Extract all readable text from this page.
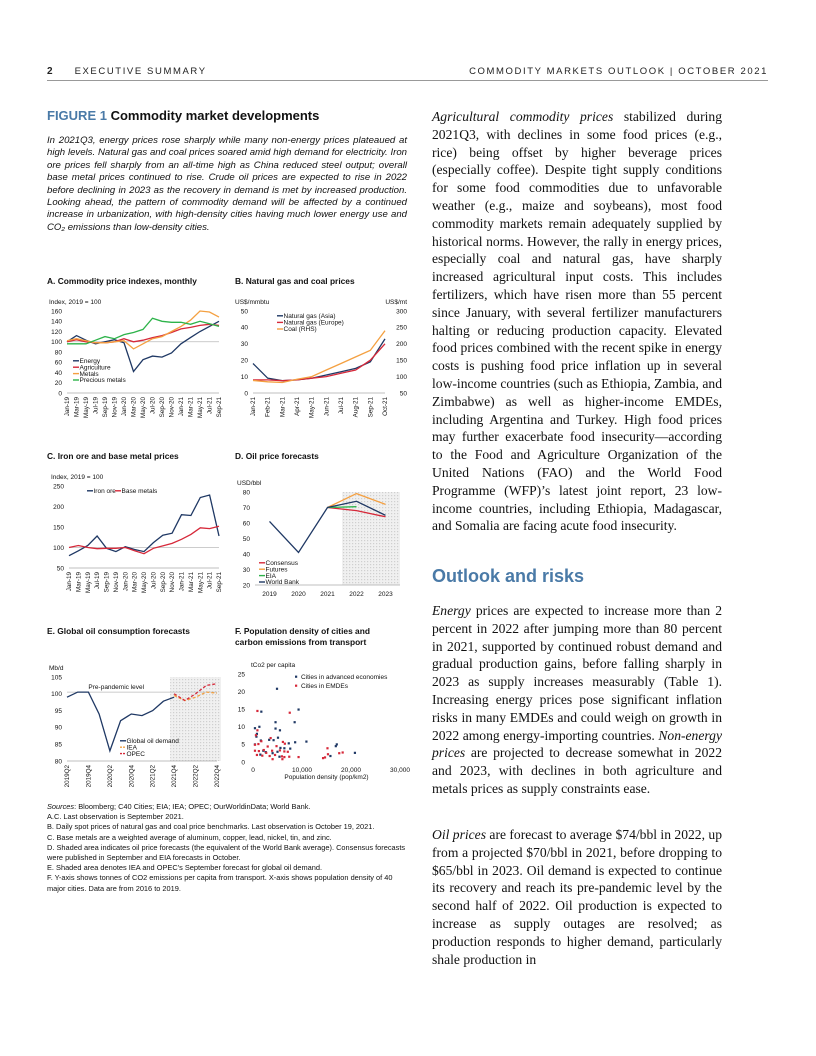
2 EXECUTIVE SUMMARY	COMMODITY MARKETS OUTLOOK | OCTOBER 2021
FIGURE 1 Commodity market developments
In 2021Q3, energy prices rose sharply while many non-energy prices plateaued at high levels. Natural gas and coal prices soared amid high demand for electricity. Iron ore prices fell sharply from an all-time high as China reduced steel output; overall base metal prices continued to rise. Crude oil prices are expected to rise in 2022 before declining in 2023 as the recovery in demand is met by increased production. Looking ahead, the pattern of commodity demand will be affected by a continued increase in urbanization, with high-density cities having much lower energy use and CO₂ emissions than low-density cities.
A. Commodity price indexes, monthly
Index, 2019 = 100
0
20
40
60
80
100
120
140
160
Jan-19 Mar-19 May-19 Jul-19 Sep-19 Nov-19 Jan-20 Mar-20 May-20 Jul-20 Sep-20 Nov-20 Jan-21 Mar-21 May-21 Jul-21 Sep-21
Energy
Agriculture
Metals
Precious metals
B. Natural gas and coal prices
US$/mmbtu	US$/mt
0
10
20
30
40
50
50
100
150
200
250
300
Jan-21 Feb-21 Mar-21 Apr-21 May-21 Jun-21 Jul-21 Aug-21 Sep-21 Oct-21
Natural gas (Asia)
Natural gas (Europe)
Coal (RHS)
C. Iron ore and base metal prices
Index, 2019 = 100
50
100
150
200
250
Jan-19 Mar-19 May-19 Jul-19 Sep-19 Nov-19 Jan-20 Mar-20 May-20 Jul-20 Sep-20 Nov-20 Jan-21 Mar-21 May-21 Jul-21 Sep-21
Iron ore Base metals
D. Oil price forecasts
USD/bbl
20
30
40
50
60
70
80
2019 2020 2021 2022 2023
Consensus
Futures
EIA
World Bank
E. Global oil consumption forecasts
Mb/d
80
85
90
95
100
105
Pre-pandemic level
2019Q2 2019Q4 2020Q2 2020Q4 2021Q2 2021Q4 2022Q2 2022Q4
Global oil demand
IEA
OPEC
F. Population density of cities and
carbon emissions from transport
tCo2 per capita
0
5
10
15
20
25
0	10,000	20,000	30,000
Population density (pop/km2)
Cities in advanced economies
Cities in EMDEs

Sources: Bloomberg; C40 Cities; EIA; IEA; OPEC; OurWorldinData; World Bank.

A.C. Last observation is September 2021.

B. Daily spot prices of natural gas and coal price benchmarks. Last observation is October 19, 2021.

C. Base metals are a weighted average of aluminum, copper, lead, nickel, tin, and zinc.

D. Shaded area indicates oil price forecasts (the equivalent of the World Bank average). Consensus forecasts were published in September and EIA forecasts in October.

E. Shaded area denotes IEA and OPEC's September forecast for global oil demand.

F. Y-axis shows tonnes of CO2 emissions per capita from transport. X-axis shows population density of 40 major cities. Data are from 2016 to 2019.

Agricultural commodity prices stabilized during 2021Q3, with declines in some food prices (e.g., rice) being offset by higher beverage prices (especially coffee). Despite tight supply conditions for some food commodities due to unfavorable weather (e.g., maize and soybeans), most food commodity markets remain adequately supplied by historical norms. However, the rally in energy prices, especially coal and natural gas, have sharply increased agricultural input costs. This includes fertilizers, which have risen more than 55 percent since January, with several fertilizer manufacturers halting or reducing production capacity. Elevated food prices combined with the recent spike in energy costs is pushing food price inflation up in several low-income countries (such as Ethiopia, Zambia, and Zimbabwe) as well as higher-income EMDEs, including Argentina and Turkey. High food prices may further exacerbate food insecurity—according to the Food and Agriculture Organization of the United Nations (FAO) and the World Food Programme (WFP)’s latest joint report, 23 low-income countries, including Ethiopia, Madagascar, and Somalia are facing acute food insecurity.
Outlook and risks
Energy prices are expected to increase more than 2 percent in 2022 after jumping more than 80 percent in 2021, supported by continued robust demand and gradual production gains, before falling sharply in 2023 as supply increases measurably (Table 1). Increasing energy prices pose significant inflation risks in many EMDEs and could weigh on growth in 2022 among energy-importing countries. Non-energy prices are projected to decrease somewhat in 2022 and 2023, with declines in both agriculture and metals prices as supply constraints ease.
Oil prices are forecast to average $74/bbl in 2022, up from a projected $70/bbl in 2021, before dropping to $65/bbl in 2023. Oil demand is expected to continue its recovery and reach its pre-pandemic level by the second half of 2022. Oil production is expected to increase as supply outages are resolved; as production responds to higher demand, particularly shale production in
